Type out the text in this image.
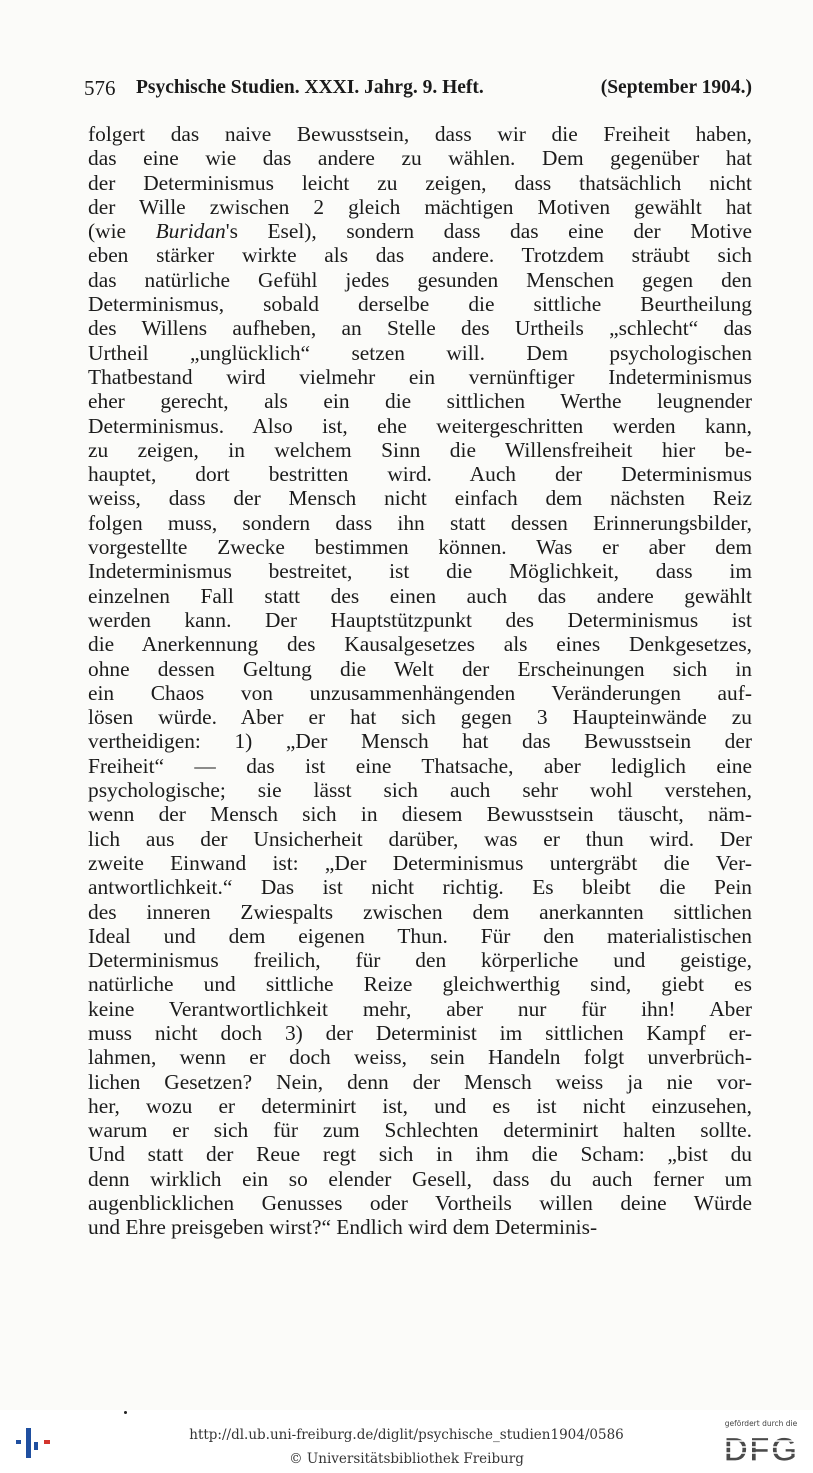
576 Psychische Studien. XXXI. Jahrg. 9. Heft.	(September 1904.)
folgert das naive Bewusstsein, dass wir die Freiheit haben,
das eine wie das andere zu wählen. Dem gegenüber hat
der Determinismus leicht zu zeigen, dass thatsächlich nicht
der Wille zwischen 2 gleich mächtigen Motiven gewählt hat
(wie Buridan's Esel), sondern dass das eine der Motive
eben stärker wirkte als das andere. Trotzdem sträubt sich
das natürliche Gefühl jedes gesunden Menschen gegen den
Determinismus, sobald derselbe die sittliche Beurtheilung
des Willens aufheben, an Stelle des Urtheils „schlecht“ das
Urtheil „unglücklich“ setzen will. Dem psychologischen
Thatbestand wird vielmehr ein vernünftiger Indeterminismus
eher gerecht, als ein die sittlichen Werthe leugnender
Determinismus. Also ist, ehe weitergeschritten werden kann,
zu zeigen, in welchem Sinn die Willensfreiheit hier be-
hauptet, dort bestritten wird. Auch der Determinismus
weiss, dass der Mensch nicht einfach dem nächsten Reiz
folgen muss, sondern dass ihn statt dessen Erinnerungsbilder,
vorgestellte Zwecke bestimmen können. Was er aber dem
Indeterminismus bestreitet, ist die Möglichkeit, dass im
einzelnen Fall statt des einen auch das andere gewählt
werden kann. Der Hauptstützpunkt des Determinismus ist
die Anerkennung des Kausalgesetzes als eines Denkgesetzes,
ohne dessen Geltung die Welt der Erscheinungen sich in
ein Chaos von unzusammenhängenden Veränderungen auf-
lösen würde. Aber er hat sich gegen 3 Haupteinwände zu
vertheidigen: 1) „Der Mensch hat das Bewusstsein der
Freiheit“ — das ist eine Thatsache, aber lediglich eine
psychologische; sie lässt sich auch sehr wohl verstehen,
wenn der Mensch sich in diesem Bewusstsein täuscht, näm-
lich aus der Unsicherheit darüber, was er thun wird. Der
zweite Einwand ist: „Der Determinismus untergräbt die Ver-
antwortlichkeit.“ Das ist nicht richtig. Es bleibt die Pein
des inneren Zwiespalts zwischen dem anerkannten sittlichen
Ideal und dem eigenen Thun. Für den materialistischen
Determinismus freilich, für den körperliche und geistige,
natürliche und sittliche Reize gleichwerthig sind, giebt es
keine Verantwortlichkeit mehr, aber nur für ihn! Aber
muss nicht doch 3) der Determinist im sittlichen Kampf er-
lahmen, wenn er doch weiss, sein Handeln folgt unverbrüch-
lichen Gesetzen? Nein, denn der Mensch weiss ja nie vor-
her, wozu er determinirt ist, und es ist nicht einzusehen,
warum er sich für zum Schlechten determinirt halten sollte.
Und statt der Reue regt sich in ihm die Scham: „bist du
denn wirklich ein so elender Gesell, dass du auch ferner um
augenblicklichen Genusses oder Vortheils willen deine Würde
und Ehre preisgeben wirst?“ Endlich wird dem Determinis-
http://dl.ub.uni-freiburg.de/diglit/psychische_studien1904/0586
© Universitätsbibliothek Freiburg
gefördert durch die
DFG
